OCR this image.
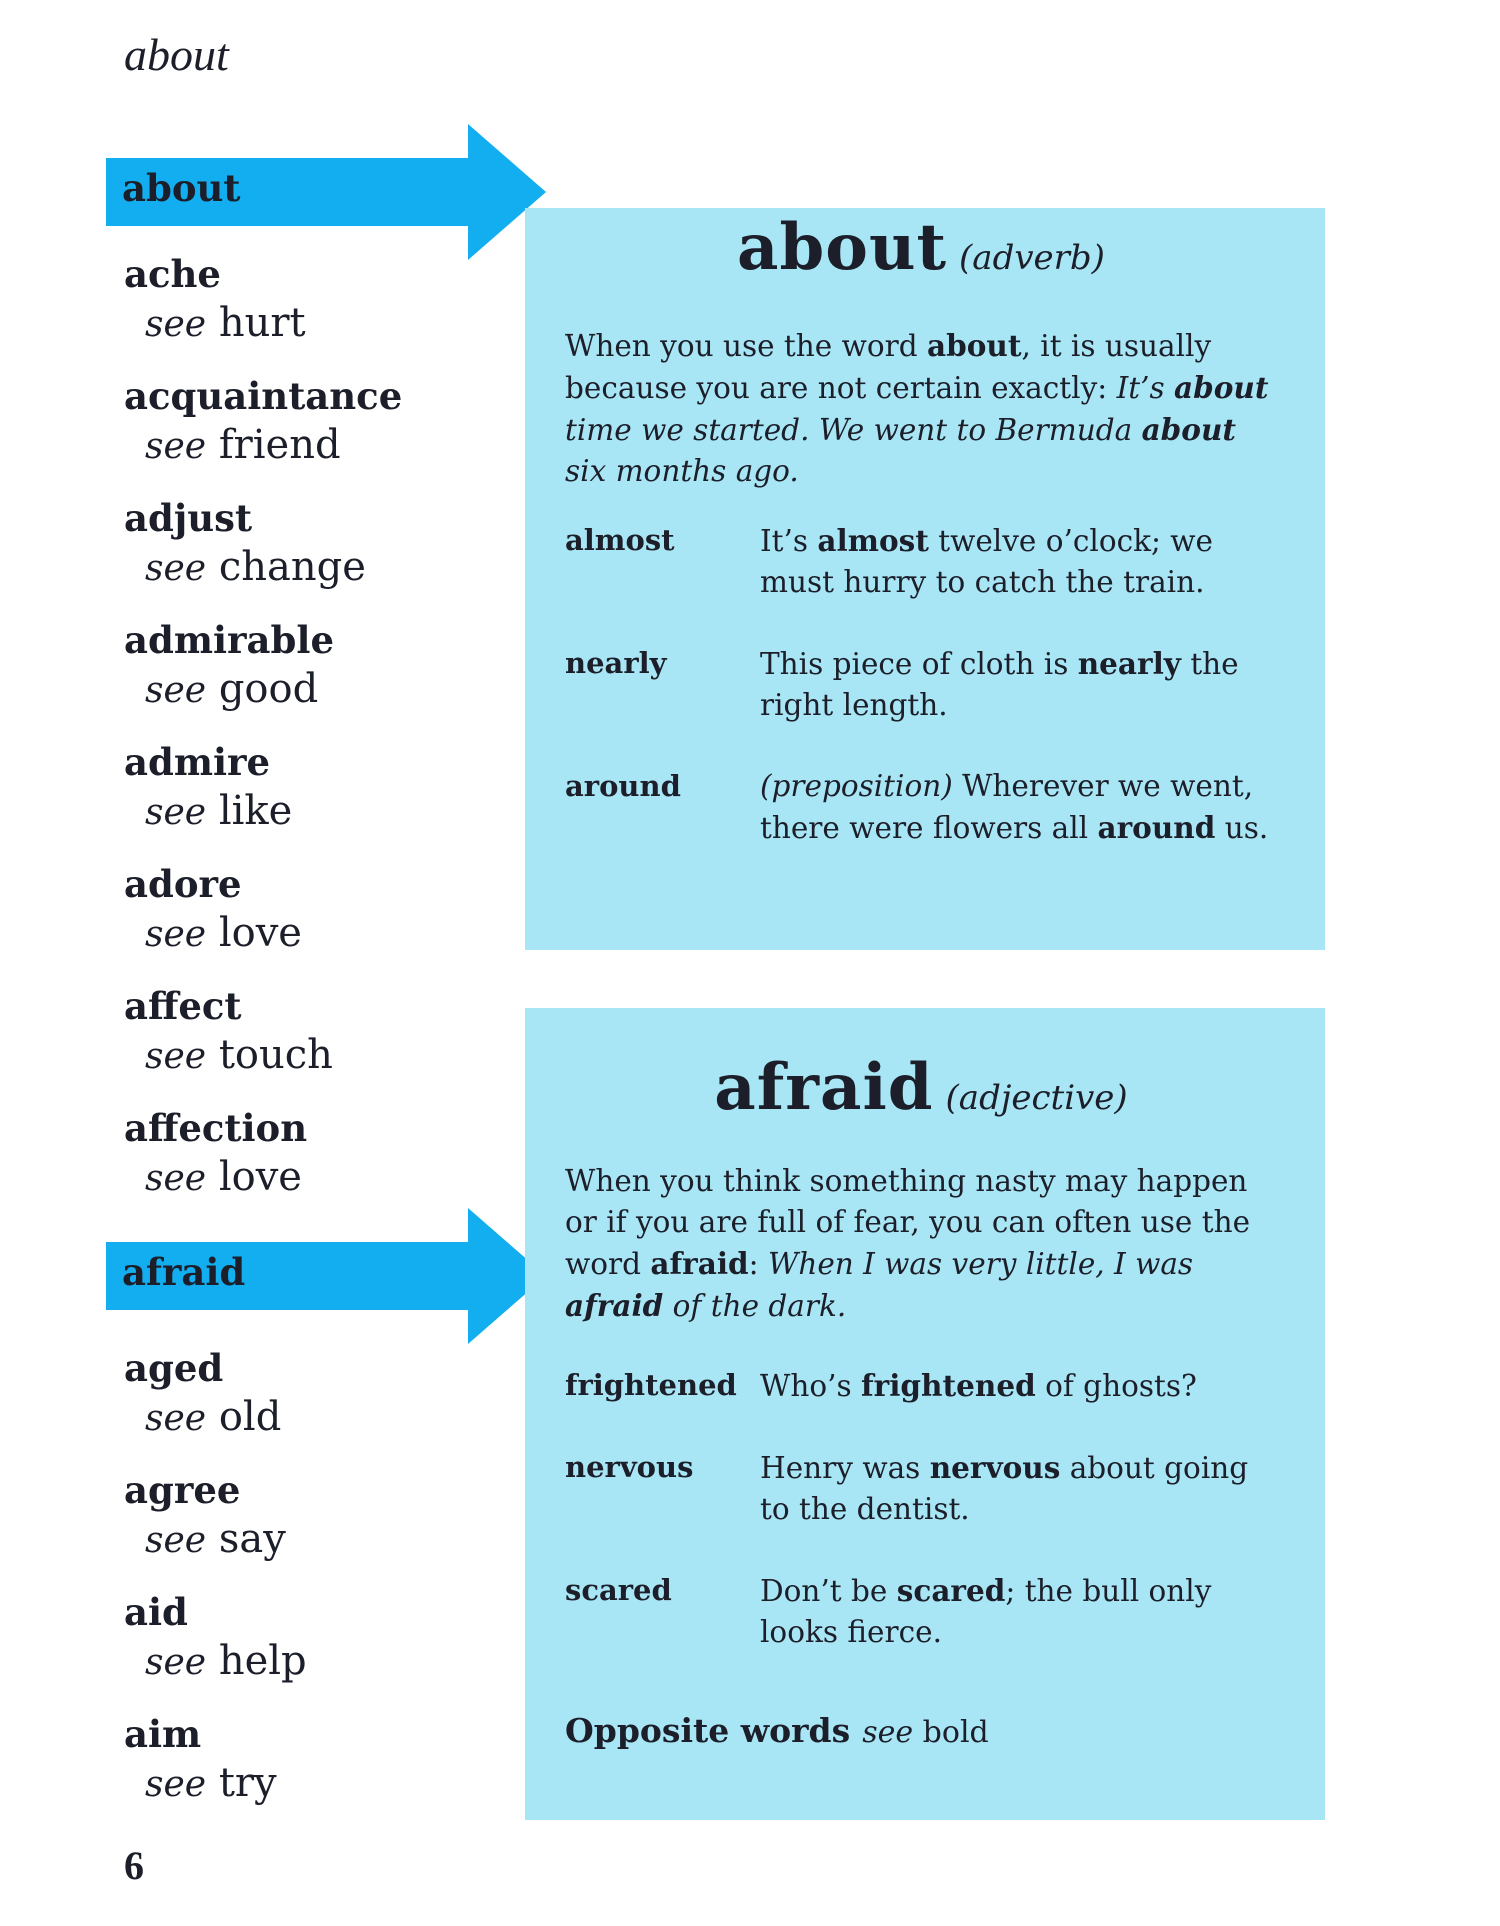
about
about
ache
see hurt
acquaintance
see friend
adjust
see change
admirable
see good
admire
see like
adore
see love
affect
see touch
affection
see love
afraid
aged
see old
agree
see say
aid
see help
aim
see try
about (adverb)
When you use the word about, it is usually because you are not certain exactly: It’s about time we started. We went to Bermuda about six months ago.
almost	It’s almost twelve o’clock; we must hurry to catch the train.
nearly	This piece of cloth is nearly the right length.
around	(preposition) Wherever we went, there were flowers all around us.
afraid (adjective)
When you think something nasty may happen or if you are full of fear, you can often use the word afraid: When I was very little, I was afraid of the dark.
frightened Who’s frightened of ghosts?
nervous	Henry was nervous about going to the dentist.
scared	Don’t be scared; the bull only looks fierce.
Opposite words see bold
6
